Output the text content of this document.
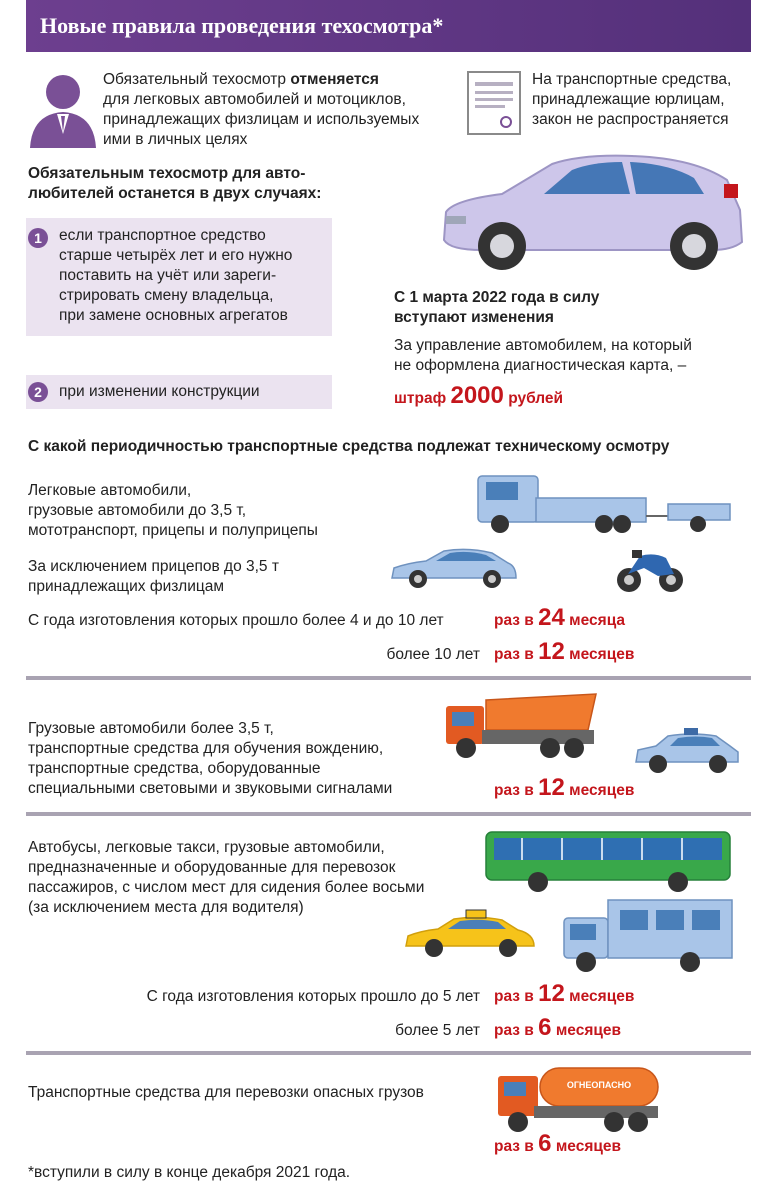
Новые правила проведения техосмотра*
Обязательный техосмотр отменяется
для легковых автомобилей и мотоциклов,
принадлежащих физлицам и используемых
ими в личных целях
На транспортные средства,
принадлежащие юрлицам,
закон не распространяется
Обязательным техосмотр для авто-
любителей останется в двух случаях:
1	если транспортное средство
старше четырёх лет и его нужно
поставить на учёт или зареги-
стрировать смену владельца,
при замене основных агрегатов
2	при изменении конструкции
С 1 марта 2022 года в силу
вступают изменения
За управление автомобилем, на который
не оформлена диагностическая карта, –
штраф 2000 рублей
С какой периодичностью транспортные средства подлежат техническому осмотру
Легковые автомобили,
грузовые автомобили до 3,5 т,
мототранспорт, прицепы и полуприцепы
За исключением прицепов до 3,5 т
принадлежащих физлицам
С года изготовления которых прошло более 4 и до 10 лет	раз в 24 месяца
более 10 лет раз в 12 месяцев
Грузовые автомобили более 3,5 т,
транспортные средства для обучения вождению,
транспортные средства, оборудованные
специальными световыми и звуковыми сигналами	раз в 12 месяцев
Автобусы, легковые такси, грузовые автомобили,
предназначенные и оборудованные для перевозок
пассажиров, с числом мест для сидения более восьми
(за исключением места для водителя)
С года изготовления которых прошло до 5 лет раз в 12 месяцев
более 5 лет раз в 6 месяцев
Транспортные средства для перевозки опасных грузов	ОГНЕОПАСНО
раз в 6 месяцев
*вступили в силу в конце декабря 2021 года.
